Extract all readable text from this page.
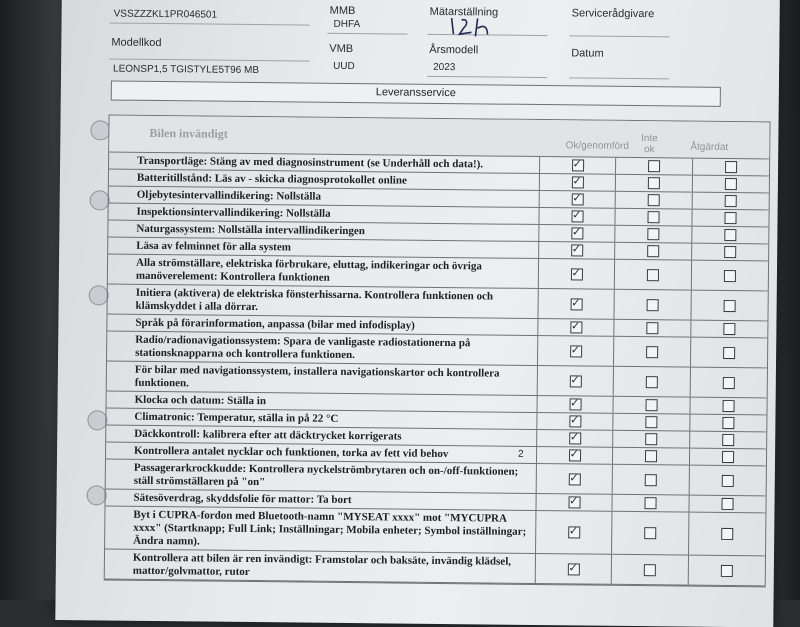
VSSZZZKL1PR046501	MMB
DHFA
Mätarställning	Servicerådgivare
Modellkod
LEONSP1,5 TGISTYLE5T96 MB
VMB
UUD
Årsmodell
2023
Datum
Leveransservice
Bilen invändigt
Ok/genomförd
Inte ok	Åtgärdat
Transportläge: Stäng av med diagnosinstrument (se Underhåll och data!).
✓
Batteritillstånd: Läs av - skicka diagnosprotokollet online
✓
Oljebytesintervallindikering: Nollställa
✓
Inspektionsintervallindikering: Nollställa
✓
Naturgassystem: Nollställa intervallindikeringen
✓
Läsa av felminnet för alla system
✓
Alla strömställare, elektriska förbrukare, eluttag, indikeringar och övriga manöverelement: Kontrollera funktionen
✓
Initiera (aktivera) de elektriska fönsterhissarna. Kontrollera funktionen och klämskyddet i alla dörrar.
✓
Språk på förarinformation, anpassa (bilar med infodisplay)
✓
Radio/radionavigationssystem: Spara de vanligaste radiostationerna på stationsknapparna och kontrollera funktionen.
✓
För bilar med navigationssystem, installera navigationskartor och kontrollera funktionen.
✓
Klocka och datum: Ställa in
✓
Climatronic: Temperatur, ställa in på 22 °C
✓
Däckkontroll: kalibrera efter att däcktrycket korrigerats
✓
Kontrollera antalet nycklar och funktionen, torka av fett vid behov	2
✓
Passagerarkrockkudde: Kontrollera nyckelströmbrytaren och on-/off-funktionen; ställ strömställaren på "on"
✓
Sätesöverdrag, skyddsfolie för mattor: Ta bort
✓
Byt i CUPRA-fordon med Bluetooth-namn "MYSEAT xxxx" mot "MYCUPRA xxxx" (Startknapp; Full Link; Inställningar; Mobila enheter; Symbol inställningar; Ändra namn).
✓
Kontrollera att bilen är ren invändigt: Framstolar och baksäte, invändig klädsel, mattor/golvmattor, rutor
✓
